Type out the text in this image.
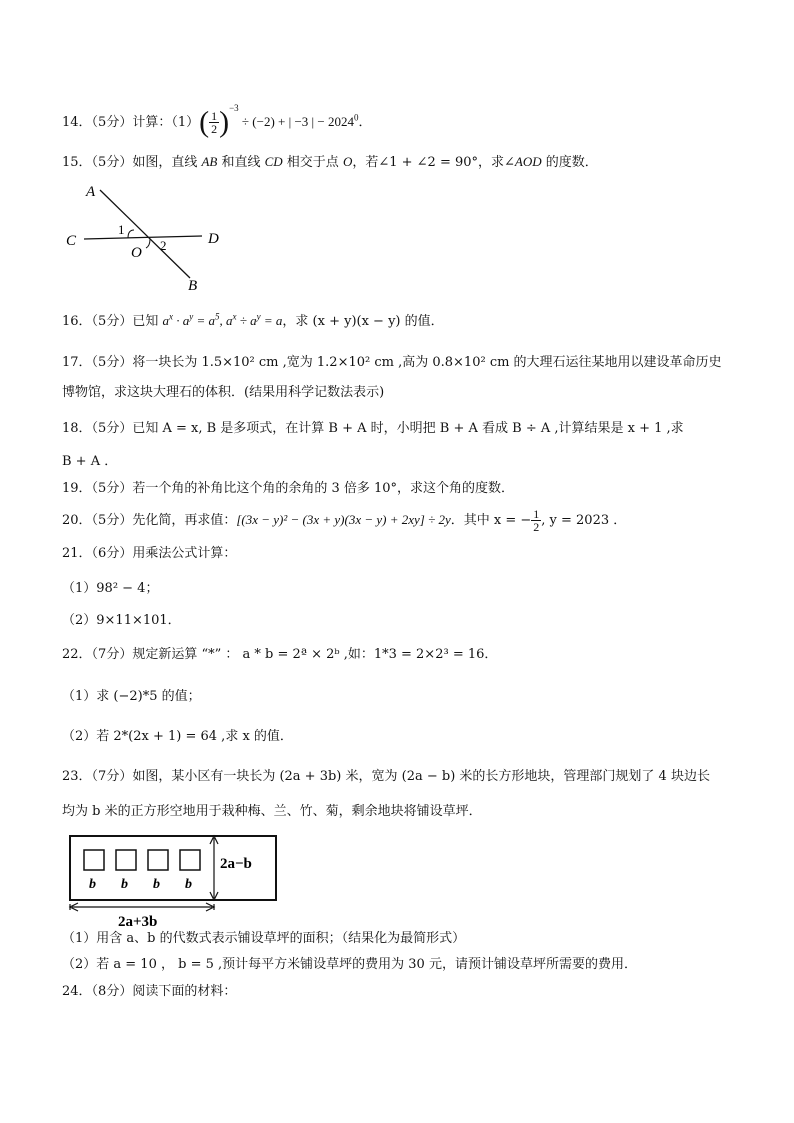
14．（5分）计算：$(1)( \frac{1}{2} )^{-3} \div (-2)$ + | −3 | − $2024^0$．
15．（5分）如图，直线 AB 和直线 CD 相交于点 O，若∠1 + ∠2 = 90°，求∠AOD 的度数．
A
C	D
O
B
1
2
16．（5分）已知 $a^x \cdot a^y = a^5$, $a^x \div a^y = a$，求 (x + y)(x − y) 的值．
17．（5分）将一块长为 1.5×10² cm ,宽为 1.2×10² cm ,高为 0.8×10² cm 的大理石运往某地用以建设革命历史
博物馆，求这块大理石的体积．(结果用科学记数法表示)
18．（5分）已知 A = x, B 是多项式，在计算 B + A 时，小明把 B + A 看成 B ÷ A ,计算结果是 x + 1 ,求
B + A ．
19．（5分）若一个角的补角比这个角的余角的 3 倍多 10°，求这个角的度数．
20．（5分）先化简，再求值：[(3x − y)² − (3x + y)(3x − y) + 2xy] ÷ 2y．其中 x = − $\frac{1}{2}$ , y = 2023 ．
21．（6分）用乘法公式计算：
（1）98² − 4；
（2）9×11×101．
22．（7分）规定新运算 “*” ： a * b = 2ª × 2ᵇ ,如：1*3 = 2×2³ = 16．
（1）求 (−2)*5 的值；
（2）若 2*(2x + 1) = 64 ,求 x 的值．
23．（7分）如图，某小区有一块长为 (2a + 3b) 米，宽为 (2a − b) 米的长方形地块，管理部门规划了 4 块边长
均为 b 米的正方形空地用于栽种梅、兰、竹、菊，剩余地块将铺设草坪．
b b b b
2a−b
2a+3b
（1）用含 a、b 的代数式表示铺设草坪的面积；（结果化为最简形式）
（2）若 a = 10 ， b = 5 ,预计每平方米铺设草坪的费用为 30 元，请预计铺设草坪所需要的费用．
24．（8分）阅读下面的材料：
